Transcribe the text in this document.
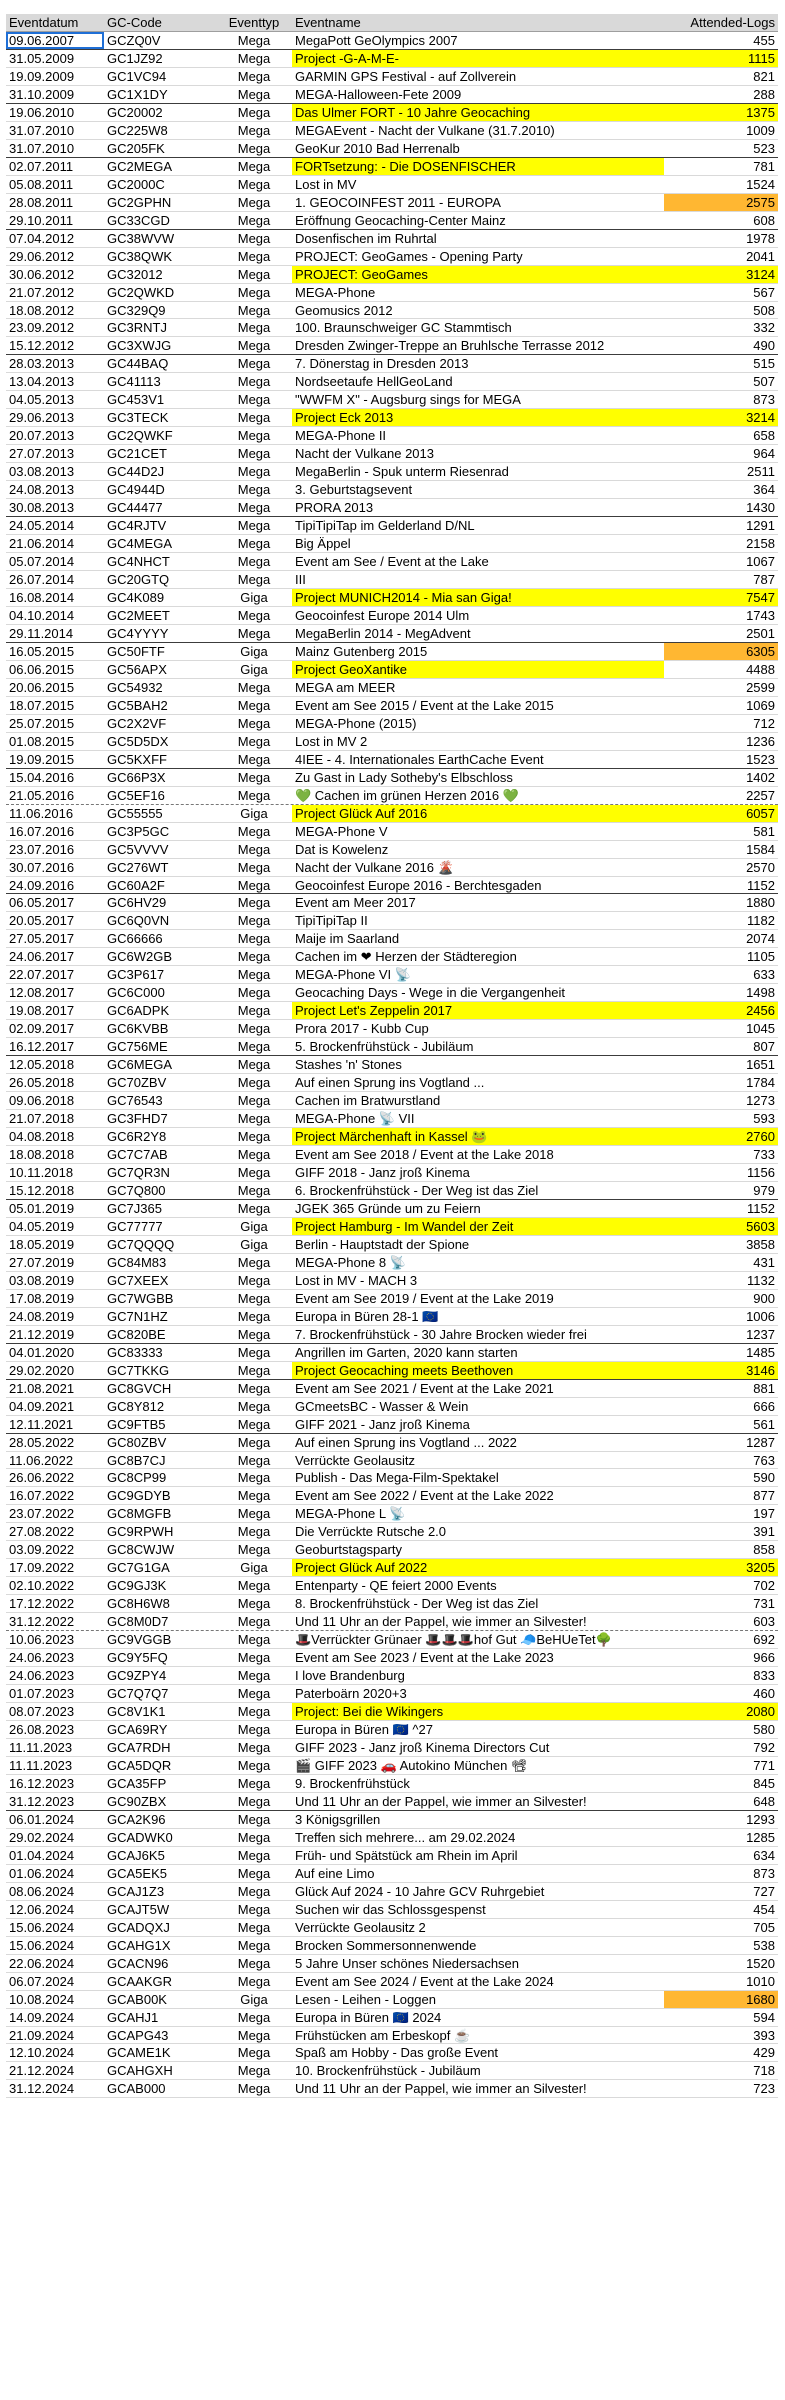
Eventdatum	GC-Code	Eventtyp	Eventname	Attended-Logs
09.06.2007	GCZQ0V	Mega	MegaPott GeOlympics 2007	455
31.05.2009	GC1JZ92	Mega	Project -G-A-M-E-	1115
19.09.2009	GC1VC94	Mega	GARMIN GPS Festival - auf Zollverein	821
31.10.2009	GC1X1DY	Mega	MEGA-Halloween-Fete 2009	288
19.06.2010	GC20002	Mega	Das Ulmer FORT - 10 Jahre Geocaching	1375
31.07.2010	GC225W8	Mega	MEGAEvent - Nacht der Vulkane (31.7.2010)	1009
31.07.2010	GC205FK	Mega	GeoKur 2010 Bad Herrenalb	523
02.07.2011	GC2MEGA	Mega	FORTsetzung: - Die DOSENFISCHER	781
05.08.2011	GC2000C	Mega	Lost in MV	1524
28.08.2011	GC2GPHN	Mega	1. GEOCOINFEST 2011 - EUROPA	2575
29.10.2011	GC33CGD	Mega	Eröffnung Geocaching-Center Mainz	608
07.04.2012	GC38WVW	Mega	Dosenfischen im Ruhrtal	1978
29.06.2012	GC38QWK	Mega	PROJECT: GeoGames - Opening Party	2041
30.06.2012	GC32012	Mega	PROJECT: GeoGames	3124
21.07.2012	GC2QWKD	Mega	MEGA-Phone	567
18.08.2012	GC329Q9	Mega	Geomusics 2012	508
23.09.2012	GC3RNTJ	Mega	100. Braunschweiger GC Stammtisch	332
15.12.2012	GC3XWJG	Mega	Dresden Zwinger-Treppe an Bruhlsche Terrasse 2012	490
28.03.2013	GC44BAQ	Mega	7. Dönerstag in Dresden 2013	515
13.04.2013	GC41113	Mega	Nordseetaufe HellGeoLand	507
04.05.2013	GC453V1	Mega	"WWFM X" - Augsburg sings for MEGA	873
29.06.2013	GC3TECK	Mega	Project Eck 2013	3214
20.07.2013	GC2QWKF	Mega	MEGA-Phone II	658
27.07.2013	GC21CET	Mega	Nacht der Vulkane 2013	964
03.08.2013	GC44D2J	Mega	MegaBerlin - Spuk unterm Riesenrad	2511
24.08.2013	GC4944D	Mega	3. Geburtstagsevent	364
30.08.2013	GC44477	Mega	PRORA 2013	1430
24.05.2014	GC4RJTV	Mega	TipiTipiTap im Gelderland D/NL	1291
21.06.2014	GC4MEGA	Mega	Big Äppel	2158
05.07.2014	GC4NHCT	Mega	Event am See / Event at the Lake	1067
26.07.2014	GC20GTQ	Mega	III	787
16.08.2014	GC4K089	Giga	Project MUNICH2014 - Mia san Giga!	7547
04.10.2014	GC2MEET	Mega	Geocoinfest Europe 2014 Ulm	1743
29.11.2014	GC4YYYY	Mega	MegaBerlin 2014 - MegAdvent	2501
16.05.2015	GC50FTF	Giga	Mainz Gutenberg 2015	6305
06.06.2015	GC56APX	Giga	Project GeoXantike	4488
20.06.2015	GC54932	Mega	MEGA am MEER	2599
18.07.2015	GC5BAH2	Mega	Event am See 2015 / Event at the Lake 2015	1069
25.07.2015	GC2X2VF	Mega	MEGA-Phone (2015)	712
01.08.2015	GC5D5DX	Mega	Lost in MV 2	1236
19.09.2015	GC5KXFF	Mega	4IEE - 4. Internationales EarthCache Event	1523
15.04.2016	GC66P3X	Mega	Zu Gast in Lady Sotheby's Elbschloss	1402
21.05.2016	GC5EF16	Mega	💚 Cachen im grünen Herzen 2016 💚	2257
11.06.2016	GC55555	Giga	Project Glück Auf 2016	6057
16.07.2016	GC3P5GC	Mega	MEGA-Phone V	581
23.07.2016	GC5VVVV	Mega	Dat is Kowelenz	1584
30.07.2016	GC276WT	Mega	Nacht der Vulkane 2016 🌋	2570
24.09.2016	GC60A2F	Mega	Geocoinfest Europe 2016 - Berchtesgaden	1152
06.05.2017	GC6HV29	Mega	Event am Meer 2017	1880
20.05.2017	GC6Q0VN	Mega	TipiTipiTap II	1182
27.05.2017	GC66666	Mega	Maije im Saarland	2074
24.06.2017	GC6W2GB	Mega	Cachen im ❤ Herzen der Städteregion	1105
22.07.2017	GC3P617	Mega	MEGA-Phone VI 📡	633
12.08.2017	GC6C000	Mega	Geocaching Days - Wege in die Vergangenheit	1498
19.08.2017	GC6ADPK	Mega	Project Let's Zeppelin 2017	2456
02.09.2017	GC6KVBB	Mega	Prora 2017 - Kubb Cup	1045
16.12.2017	GC756ME	Mega	5. Brockenfrühstück - Jubiläum	807
12.05.2018	GC6MEGA	Mega	Stashes 'n' Stones	1651
26.05.2018	GC70ZBV	Mega	Auf einen Sprung ins Vogtland ...	1784
09.06.2018	GC76543	Mega	Cachen im Bratwurstland	1273
21.07.2018	GC3FHD7	Mega	MEGA-Phone 📡 VII	593
04.08.2018	GC6R2Y8	Mega	Project Märchenhaft in Kassel 🐸	2760
18.08.2018	GC7C7AB	Mega	Event am See 2018 / Event at the Lake 2018	733
10.11.2018	GC7QR3N	Mega	GIFF 2018 - Janz jroß Kinema	1156
15.12.2018	GC7Q800	Mega	6. Brockenfrühstück - Der Weg ist das Ziel	979
05.01.2019	GC7J365	Mega	JGEK 365 Gründe um zu Feiern	1152
04.05.2019	GC77777	Giga	Project Hamburg - Im Wandel der Zeit	5603
18.05.2019	GC7QQQQ	Giga	Berlin - Hauptstadt der Spione	3858
27.07.2019	GC84M83	Mega	MEGA-Phone 8 📡	431
03.08.2019	GC7XEEX	Mega	Lost in MV - MACH 3	1132
17.08.2019	GC7WGBB	Mega	Event am See 2019 / Event at the Lake 2019	900
24.08.2019	GC7N1HZ	Mega	Europa in Büren 28-1 🇪🇺	1006
21.12.2019	GC820BE	Mega	7. Brockenfrühstück - 30 Jahre Brocken wieder frei	1237
04.01.2020	GC83333	Mega	Angrillen im Garten, 2020 kann starten	1485
29.02.2020	GC7TKKG	Mega	Project Geocaching meets Beethoven	3146
21.08.2021	GC8GVCH	Mega	Event am See 2021 / Event at the Lake 2021	881
04.09.2021	GC8Y812	Mega	GCmeetsBC - Wasser & Wein	666
12.11.2021	GC9FTB5	Mega	GIFF 2021 - Janz jroß Kinema	561
28.05.2022	GC80ZBV	Mega	Auf einen Sprung ins Vogtland ... 2022	1287
11.06.2022	GC8B7CJ	Mega	Verrückte Geolausitz	763
26.06.2022	GC8CP99	Mega	Publish - Das Mega-Film-Spektakel	590
16.07.2022	GC9GDYB	Mega	Event am See 2022 / Event at the Lake 2022	877
23.07.2022	GC8MGFB	Mega	MEGA-Phone L 📡	197
27.08.2022	GC9RPWH	Mega	Die Verrückte Rutsche 2.0	391
03.09.2022	GC8CWJW	Mega	Geoburtstagsparty	858
17.09.2022	GC7G1GA	Giga	Project Glück Auf 2022	3205
02.10.2022	GC9GJ3K	Mega	Entenparty - QE feiert 2000 Events	702
17.12.2022	GC8H6W8	Mega	8. Brockenfrühstück - Der Weg ist das Ziel	731
31.12.2022	GC8M0D7	Mega	Und 11 Uhr an der Pappel, wie immer an Silvester!	603
10.06.2023	GC9VGGB	Mega	🎩Verrückter Grünaer 🎩🎩🎩hof Gut 🧢BeHUeTet🌳	692
24.06.2023	GC9Y5FQ	Mega	Event am See 2023 / Event at the Lake 2023	966
24.06.2023	GC9ZPY4	Mega	I love Brandenburg	833
01.07.2023	GC7Q7Q7	Mega	Paterboärn 2020+3	460
08.07.2023	GC8V1K1	Mega	Project: Bei die Wikingers	2080
26.08.2023	GCA69RY	Mega	Europa in Büren 🇪🇺 ^27	580
11.11.2023	GCA7RDH	Mega	GIFF 2023 - Janz jroß Kinema Directors Cut	792
11.11.2023	GCA5DQR	Mega	🎬 GIFF 2023 🚗 Autokino München 📽	771
16.12.2023	GCA35FP	Mega	9. Brockenfrühstück	845
31.12.2023	GC90ZBX	Mega	Und 11 Uhr an der Pappel, wie immer an Silvester!	648
06.01.2024	GCA2K96	Mega	3 Königsgrillen	1293
29.02.2024	GCADWK0	Mega	Treffen sich mehrere... am 29.02.2024	1285
01.04.2024	GCAJ6K5	Mega	Früh- und Spätstück am Rhein im April	634
01.06.2024	GCA5EK5	Mega	Auf eine Limo	873
08.06.2024	GCAJ1Z3	Mega	Glück Auf 2024 - 10 Jahre GCV Ruhrgebiet	727
12.06.2024	GCAJT5W	Mega	Suchen wir das Schlossgespenst	454
15.06.2024	GCADQXJ	Mega	Verrückte Geolausitz 2	705
15.06.2024	GCAHG1X	Mega	Brocken Sommersonnenwende	538
22.06.2024	GCACN96	Mega	5 Jahre Unser schönes Niedersachsen	1520
06.07.2024	GCAAKGR	Mega	Event am See 2024 / Event at the Lake 2024	1010
10.08.2024	GCAB00K	Giga	Lesen - Leihen - Loggen	1680
14.09.2024	GCAHJ1	Mega	Europa in Büren 🇪🇺 2024	594
21.09.2024	GCAPG43	Mega	Frühstücken am Erbeskopf ☕	393
12.10.2024	GCAME1K	Mega	Spaß am Hobby - Das große Event	429
21.12.2024	GCAHGXH	Mega	10. Brockenfrühstück - Jubiläum	718
31.12.2024	GCAB000	Mega	Und 11 Uhr an der Pappel, wie immer an Silvester!	723
